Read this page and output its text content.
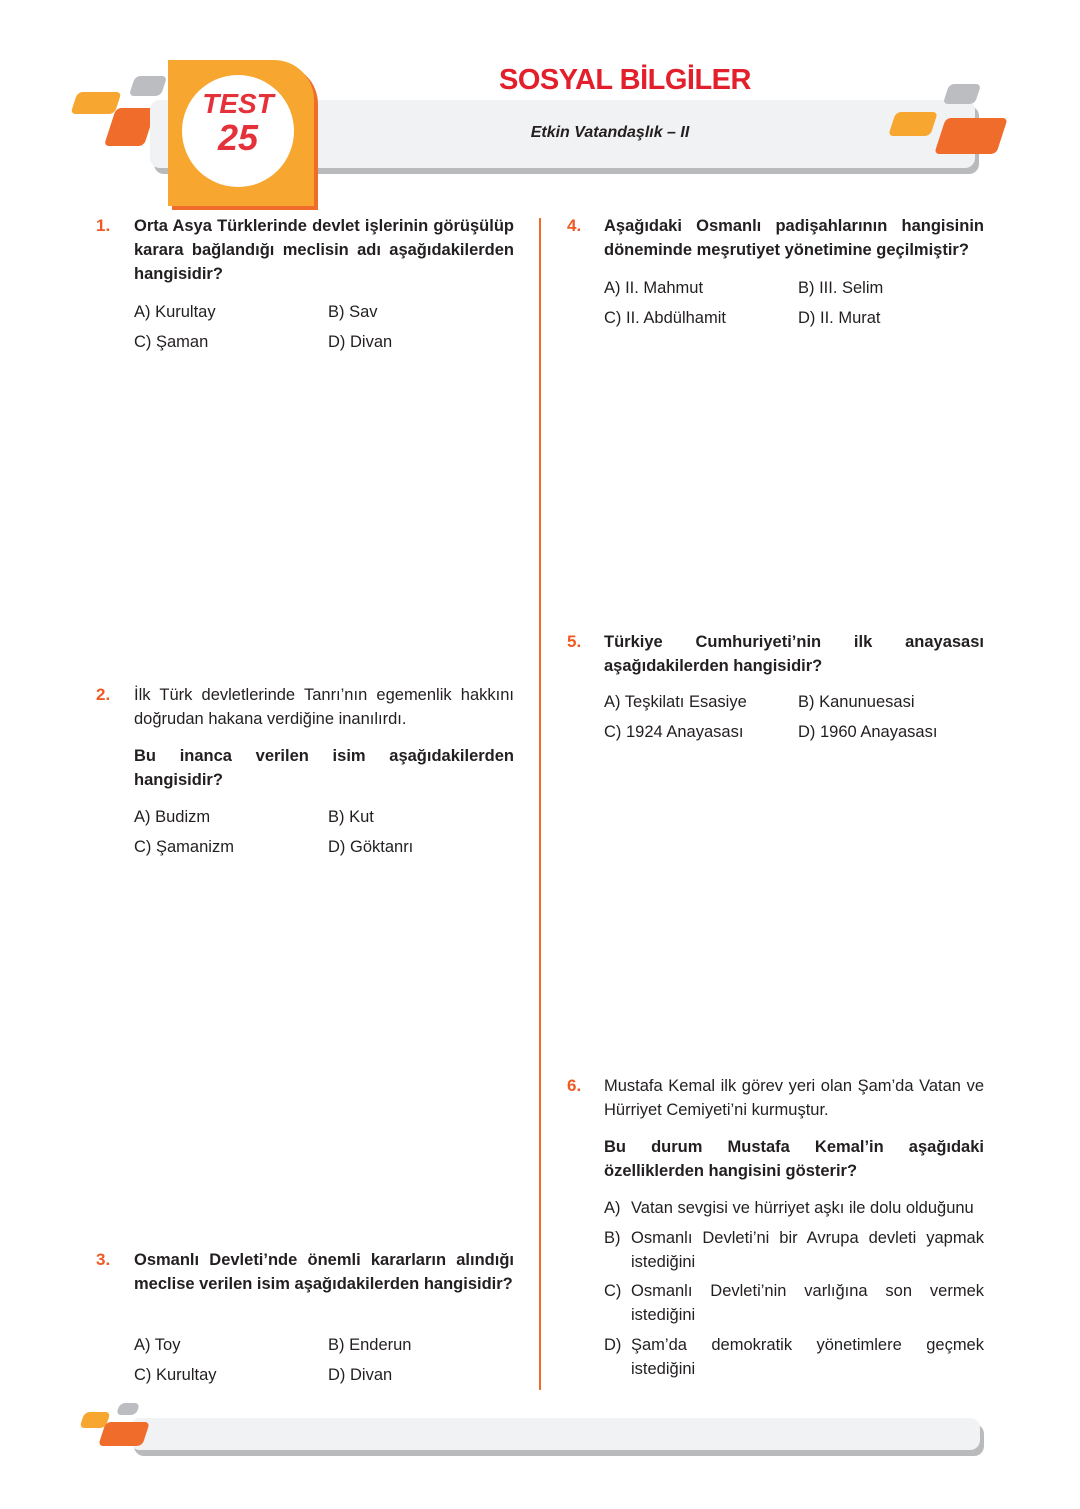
TEST
25
SOSYAL BİLGİLER
Etkin Vatandaşlık – II
1. Orta Asya Türklerinde devlet işlerinin görüşülüp karara bağlandığı meclisin adı aşağıdakilerden hangisidir?
A) Kurultay	B) Sav
C) Şaman	D) Divan
2. İlk Türk devletlerinde Tanrı’nın egemenlik hakkını doğrudan hakana verdiğine inanılırdı.
Bu inanca verilen isim aşağıdakilerden hangisidir?
A) Budizm	B) Kut
C) Şamanizm	D) Göktanrı
3. Osmanlı Devleti’nde önemli kararların alındığı meclise verilen isim aşağıdakilerden hangisidir?
A) Toy	B) Enderun
C) Kurultay	D) Divan
4. Aşağıdaki Osmanlı padişahlarının hangisinin döneminde meşrutiyet yönetimine geçilmiştir?
A) II. Mahmut	B) III. Selim
C) II. Abdülhamit	D) II. Murat
5. Türkiye Cumhuriyeti’nin ilk anayasası aşağıdakilerden hangisidir?
A) Teşkilatı Esasiye	B) Kanunuesasi
C) 1924 Anayasası	D) 1960 Anayasası
6. Mustafa Kemal ilk görev yeri olan Şam’da Vatan ve Hürriyet Cemiyeti’ni kurmuştur.
Bu durum Mustafa Kemal’in aşağıdaki özelliklerden hangisini gösterir?
A) Vatan sevgisi ve hürriyet aşkı ile dolu olduğunu
B) Osmanlı Devleti’ni bir Avrupa devleti yapmak istediğini
C) Osmanlı Devleti’nin varlığına son vermek istediğini
D) Şam’da demokratik yönetimlere geçmek istediğini
